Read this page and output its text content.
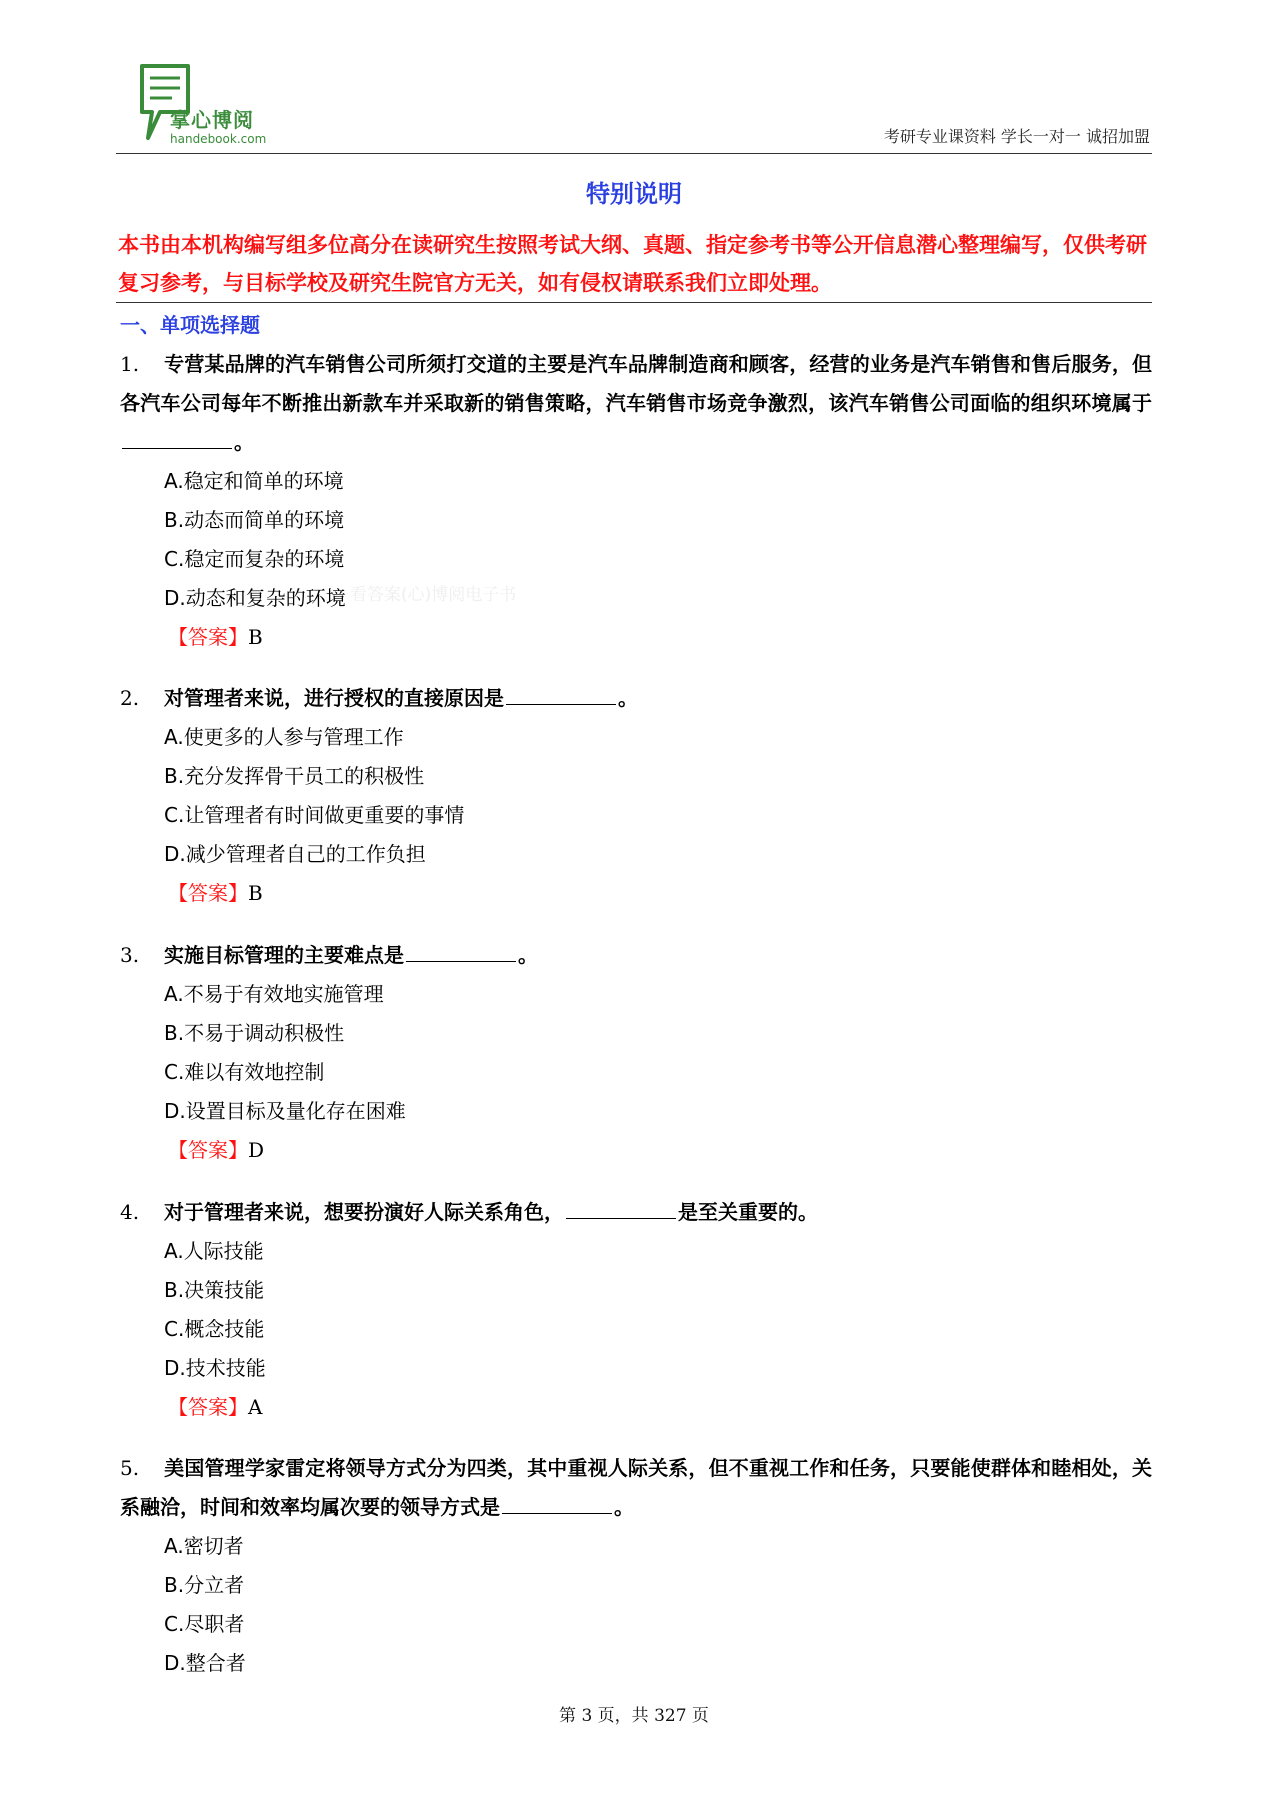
掌心博阅
handebook.com	考研专业课资料 学长一对一 诚招加盟
特别说明
本书由本机构编写组多位高分在读研究生按照考试大纲、真题、指定参考书等公开信息潜心整理编写，仅供考研复习参考，与目标学校及研究生院官方无关，如有侵权请联系我们立即处理。
一、单项选择题
看答案(心)博阅电子书
1. 专营某品牌的汽车销售公司所须打交道的主要是汽车品牌制造商和顾客，经营的业务是汽车销售和售后服务，但各汽车公司每年不断推出新款车并采取新的销售策略，汽车销售市场竞争激烈，该汽车销售公司面临的组织环境属于。
A.稳定和简单的环境
B.动态而简单的环境
C.稳定而复杂的环境
D.动态和复杂的环境
【答案】B
2. 对管理者来说，进行授权的直接原因是	。
A.使更多的人参与管理工作
B.充分发挥骨干员工的积极性
C.让管理者有时间做更重要的事情
D.减少管理者自己的工作负担
【答案】B
3. 实施目标管理的主要难点是	。
A.不易于有效地实施管理
B.不易于调动积极性
C.难以有效地控制
D.设置目标及量化存在困难
【答案】D
4. 对于管理者来说，想要扮演好人际关系角色，	是至关重要的。
A.人际技能
B.决策技能
C.概念技能
D.技术技能
【答案】A
5. 美国管理学家雷定将领导方式分为四类，其中重视人际关系，但不重视工作和任务，只要能使群体和睦相处，关系融洽，时间和效率均属次要的领导方式是	。
A.密切者
B.分立者
C.尽职者
D.整合者
第 3 页，共 327 页
